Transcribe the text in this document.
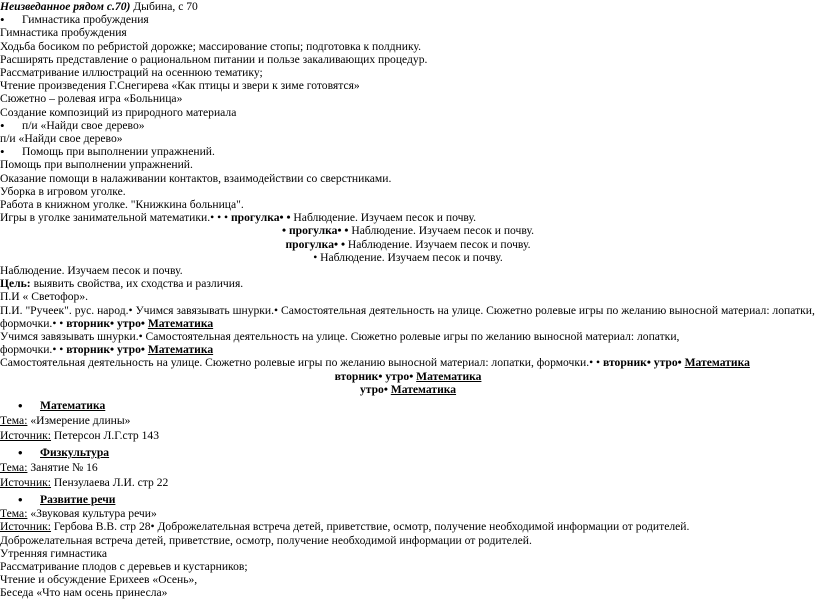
Неизведанное рядом с.70) Дыбина, с 70
• Гимнастика пробуждения
Гимнастика пробуждения
Ходьба босиком по ребристой дорожке; массирование стопы; подготовка к полднику.
Расширять представление о рациональном питании и пользе закаливающих процедур.
Рассматривание иллюстраций на осеннюю тематику;
Чтение произведения Г.Снегирева «Как птицы и звери к зиме готовятся»
Сюжетно – ролевая игра «Больница»
Создание композиций из природного материала
• п/и «Найди свое дерево»
п/и «Найди свое дерево»
• Помощь при выполнении упражнений.
Помощь при выполнении упражнений.
Оказание помощи в налаживании контактов, взаимодействии со сверстниками.
Уборка в игровом уголке.
Работа в книжном уголке. "Книжкина больница".
Игры в уголке занимательной математики.• • • прогулка• • Наблюдение. Изучаем песок и почву.
• прогулка• • Наблюдение. Изучаем песок и почву.
прогулка• • Наблюдение. Изучаем песок и почву.
• Наблюдение. Изучаем песок и почву.
Наблюдение. Изучаем песок и почву.
Цель: выявить свойства, их сходства и различия.
П.И « Светофор».
П.И. "Ручеек". рус. народ.• Учимся завязывать шнурки.• Самостоятельная деятельность на улице. Сюжетно ролевые игры по желанию выносной материал: лопатки,
формочки.• • вторник• утро• Математика
Учимся завязывать шнурки.• Самостоятельная деятельность на улице. Сюжетно ролевые игры по желанию выносной материал: лопатки,
формочки.• • вторник• утро• Математика
Самостоятельная деятельность на улице. Сюжетно ролевые игры по желанию выносной материал: лопатки, формочки.• • вторник• утро• Математика
вторник• утро• Математика
утро• Математика
• Математика
Тема: «Измерение длины»
Источник: Петерсон Л.Г.стр 143
• Физкультура
Тема: Занятие № 16
Источник: Пензулаева Л.И. стр 22
• Развитие речи
Тема: «Звуковая культура речи»
Источник: Гербова В.В. стр 28• Доброжелательная встреча детей, приветствие, осмотр, получение необходимой информации от родителей.
Доброжелательная встреча детей, приветствие, осмотр, получение необходимой информации от родителей.
Утренняя гимнастика
Рассматривание плодов с деревьев и кустарников;
Чтение и обсуждение Ерихеев «Осень»,
Беседа «Что нам осень принесла»
